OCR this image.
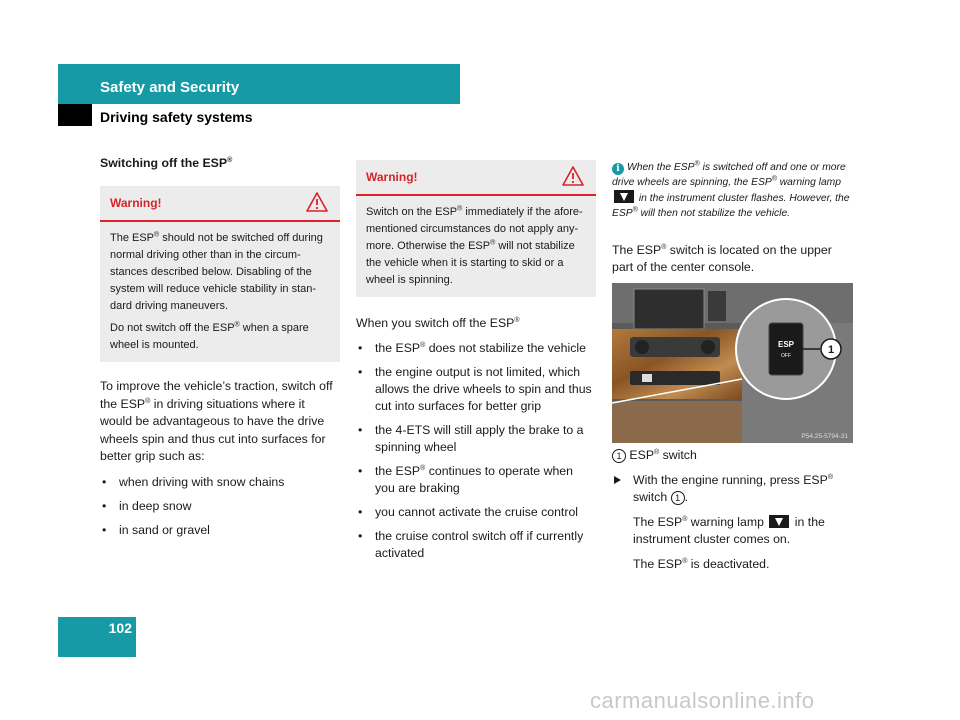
Safety and Security
Driving safety systems

Switching off the ESP®

Warning!

The ESP® should not be switched off during normal driving other than in the circum-stances described below. Disabling of the system will reduce vehicle stability in stan-dard driving maneuvers.

Do not switch off the ESP® when a spare wheel is mounted.

To improve the vehicle’s traction, switch off the ESP® in driving situations where it would be advantageous to have the drive wheels spin and thus cut into surfaces for better grip such as:

• when driving with snow chains
• in deep snow
• in sand or gravel
Warning!

Switch on the ESP® immediately if the afore-mentioned circumstances do not apply any-more. Otherwise the ESP® will not stabilize the vehicle when it is starting to skid or a wheel is spinning.

When you switch off the ESP®

• the ESP® does not stabilize the vehicle
• the engine output is not limited, which allows the drive wheels to spin and thus cut into surfaces for better grip
• the 4-ETS will still apply the brake to a spinning wheel
• the ESP® continues to operate when you are braking
• you cannot activate the cruise control
• the cruise control switch off if currently activated

i When the ESP® is switched off and one or more drive wheels are spinning, the ESP® warning lamp  in the instrument cluster flashes. However, the ESP® will then not stabilize the vehicle.

The ESP® switch is located on the upper part of the center console.

ESP
OFF	1
P54.25-5794-31

1 ESP® switch

With the engine running, press ESP® switch 1 .

The ESP® warning lamp  in the instrument cluster comes on.

The ESP® is deactivated.

102
carmanualsonline.info
